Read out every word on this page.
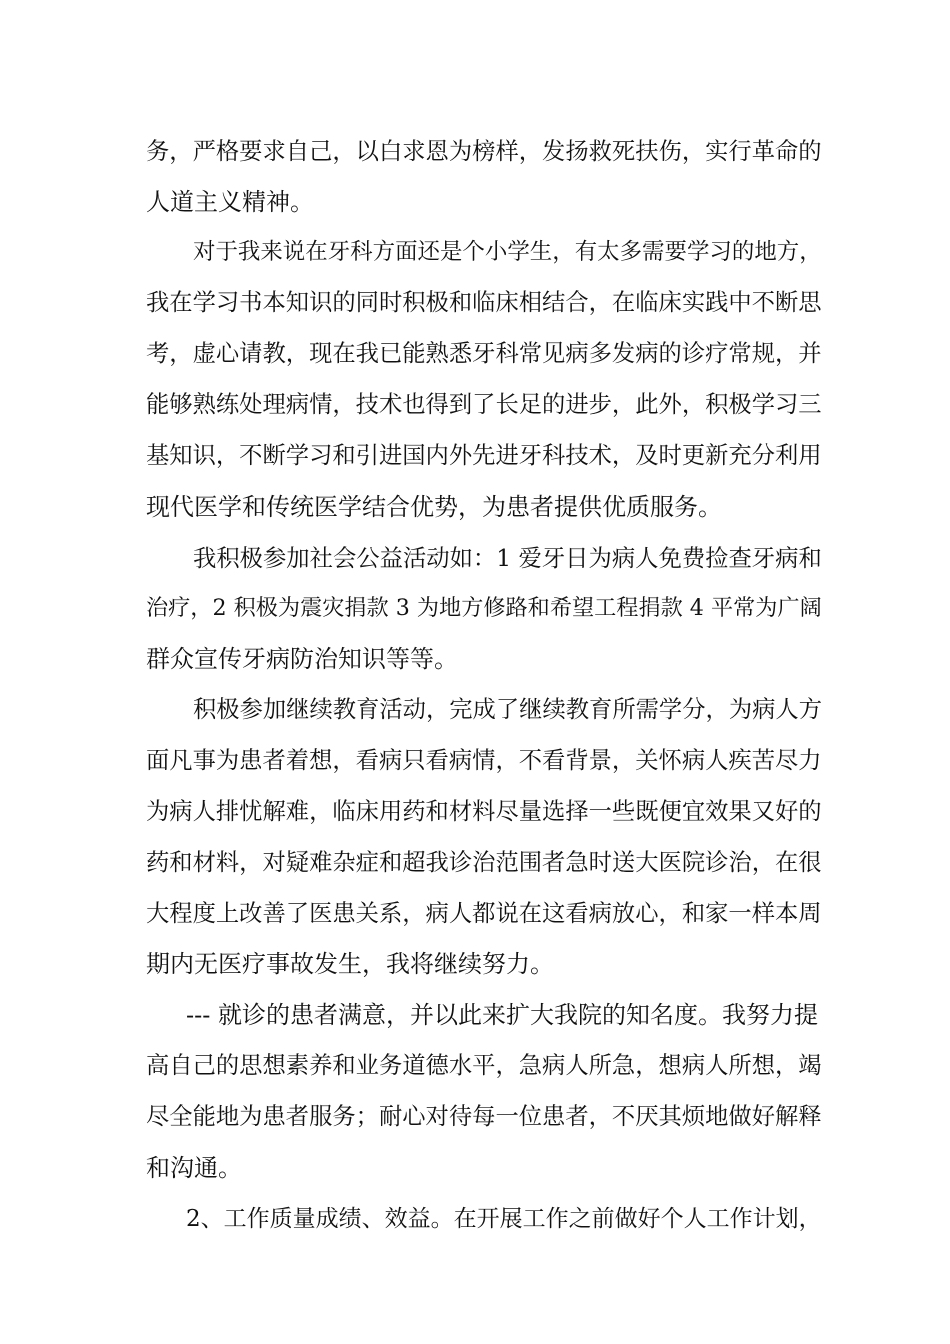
务，严格要求自己，以白求恩为榜样，发扬救死扶伤，实行革命的
人道主义精神。
对于我来说在牙科方面还是个小学生，有太多需要学习的地方，
我在学习书本知识的同时积极和临床相结合，在临床实践中不断思
考，虚心请教，现在我已能熟悉牙科常见病多发病的诊疗常规，并
能够熟练处理病情，技术也得到了长足的进步，此外，积极学习三
基知识，不断学习和引进国内外先进牙科技术，及时更新充分利用
现代医学和传统医学结合优势，为患者提供优质服务。
我积极参加社会公益活动如：1 爱牙日为病人免费捡查牙病和
治疗，2 积极为震灾捐款 3 为地方修路和希望工程捐款 4 平常为广阔
群众宣传牙病防治知识等等。
积极参加继续教育活动，完成了继续教育所需学分，为病人方
面凡事为患者着想，看病只看病情，不看背景，关怀病人疾苦尽力
为病人排忧解难，临床用药和材料尽量选择一些既便宜效果又好的
药和材料，对疑难杂症和超我诊治范围者急时送大医院诊治，在很
大程度上改善了医患关系，病人都说在这看病放心，和家一样本周
期内无医疗事故发生，我将继续努力。
--- 就诊的患者满意，并以此来扩大我院的知名度。我努力提
高自己的思想素养和业务道德水平，急病人所急，想病人所想，竭
尽全能地为患者服务；耐心对待每一位患者，不厌其烦地做好解释
和沟通。
2、工作质量成绩、效益。在开展工作之前做好个人工作计划，
